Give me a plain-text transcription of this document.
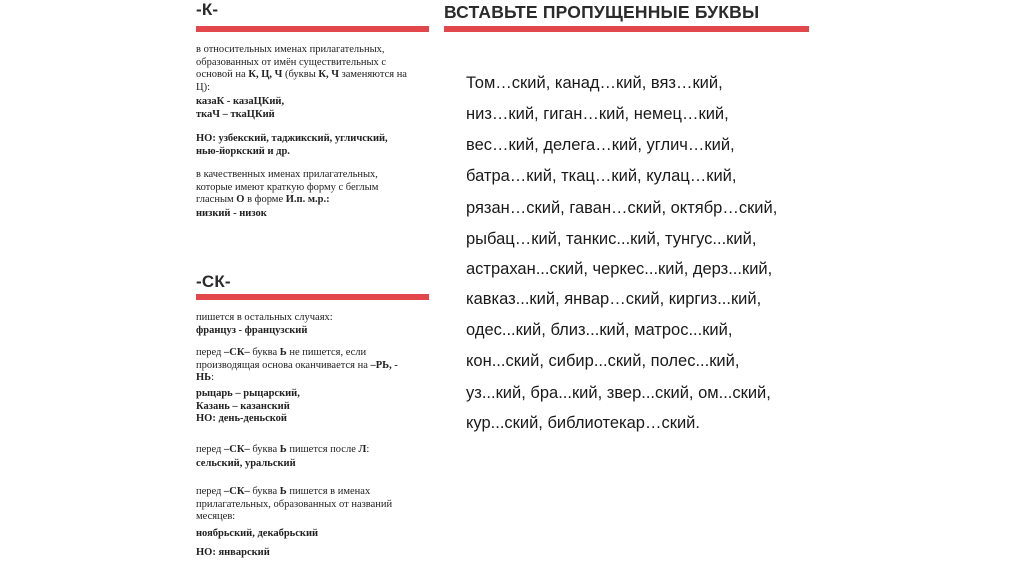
-К-
в относительных именах прилагательных,
образованных от имён существительных с
основой на К, Ц, Ч (буквы К, Ч заменяются на
Ц):
казаК - казаЦКий,
ткаЧ – ткаЦКий
НО: узбекский, таджикский, угличский,
нью-йоркский и др.
в качественных именах прилагательных,
которые имеют краткую форму с беглым
гласным О в форме И.п. м.р.:
низкий - низок
-СК-
пишется в остальных случаях:
француз - французский
перед –СК– буква Ь не пишется, если
производящая основа оканчивается на –РЬ, -
НЬ:
рыцарь – рыцарский,
Казань – казанский
НО: день-деньской
перед –СК– буква Ь пишется после Л:
сельский, уральский
перед –СК– буква Ь пишется в именах
прилагательных, образованных от названий
месяцев:
ноябрьский, декабрьский
НО: январский
ВСТАВЬТЕ ПРОПУЩЕННЫЕ БУКВЫ
Том…ский, канад…кий, вяз…кий,
низ…кий, гиган…кий, немец…кий,
вес…кий, делега…кий, углич…кий,
батра…кий, ткац…кий, кулац…кий,
рязан…ский, гаван…ский, октябр…ский,
рыбац…кий, танкис...кий, тунгус...кий,
астрахан...ский, черкес...кий, дерз...кий,
кавказ...кий, январ…ский, киргиз...кий,
одес...кий, близ...кий, матрос...кий,
кон...ский, сибир...ский, полес...кий,
уз...кий, бра...кий, звер...ский, ом...ский,
кур...ский, библиотекар…ский.
